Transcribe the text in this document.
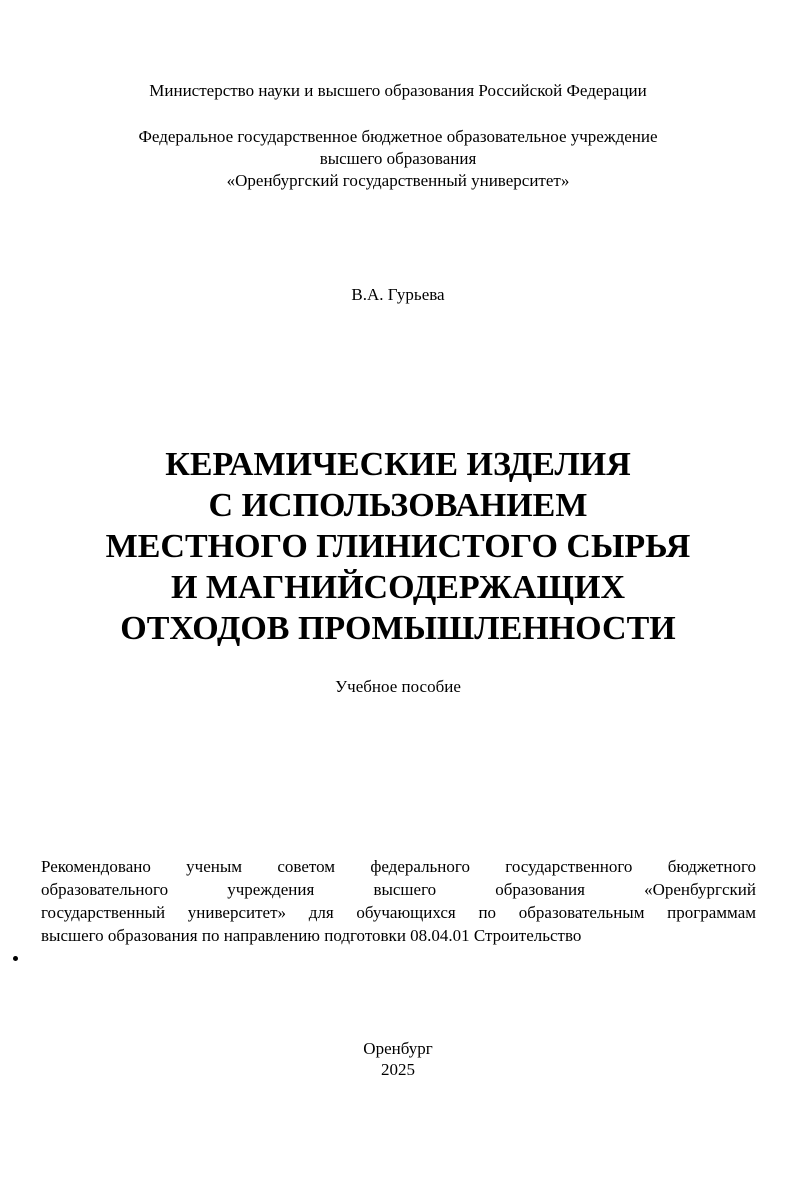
Министерство науки и высшего образования Российской Федерации
Федеральное государственное бюджетное образовательное учреждение
высшего образования
«Оренбургский государственный университет»
В.А. Гурьева
КЕРАМИЧЕСКИЕ ИЗДЕЛИЯ
С ИСПОЛЬЗОВАНИЕМ
МЕСТНОГО ГЛИНИСТОГО СЫРЬЯ
И МАГНИЙСОДЕРЖАЩИХ
ОТХОДОВ ПРОМЫШЛЕННОСТИ
Учебное пособие
Рекомендовано ученым советом федерального государственного бюджетного
образовательного учреждения высшего образования «Оренбургский
государственный университет» для обучающихся по образовательным программам
высшего образования по направлению подготовки 08.04.01 Строительство
Оренбург
2025
